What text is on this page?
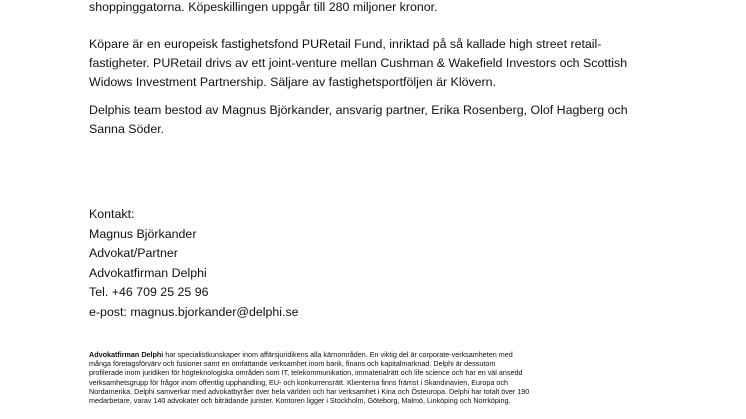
shoppinggatorna. Köpeskillingen uppgår till 280 miljoner kronor.

Köpare är en europeisk fastighetsfond PURetail Fund, inriktad på så kallade high street retail-
fastigheter. PURetail drivs av ett joint-venture mellan Cushman & Wakefield Investors och Scottish
Widows Investment Partnership. Säljare av fastighetsportföljen är Klövern.

Delphis team bestod av Magnus Björkander, ansvarig partner, Erika Rosenberg, Olof Hagberg och
Sanna Söder.

Kontakt:
Magnus Björkander
Advokat/Partner
Advokatfirman Delphi
Tel. +46 709 25 25 96
e-post: magnus.bjorkander@delphi.se
Advokatfirman Delphi har specialistkunskaper inom affärsjuridikens alla kärnområden. En viktig del är corporate-verksamheten med
många företagsförvärv och fusioner samt en omfattande verksamhet inom bank, finans och kapitalmarknad. Delphi är dessutom
profilerade inom juridiken för högteknologiska områden som IT, telekommunikation, immaterialrätt och life science och har en väl ansedd
verksamhetsgrupp för frågor inom offentlig upphandling, EU- och konkurrensrätt. Klienterna finns främst i Skandinavien, Europa och
Nordamerika. Delphi samverkar med advokatbyråer över hela världen och har verksamhet i Kina och Östeuropa. Delphi har totalt över 190
medarbetare, varav 140 advokater och biträdande jurister. Kontoren ligger i Stockholm, Göteborg, Malmö, Linköping och Norrköping.
